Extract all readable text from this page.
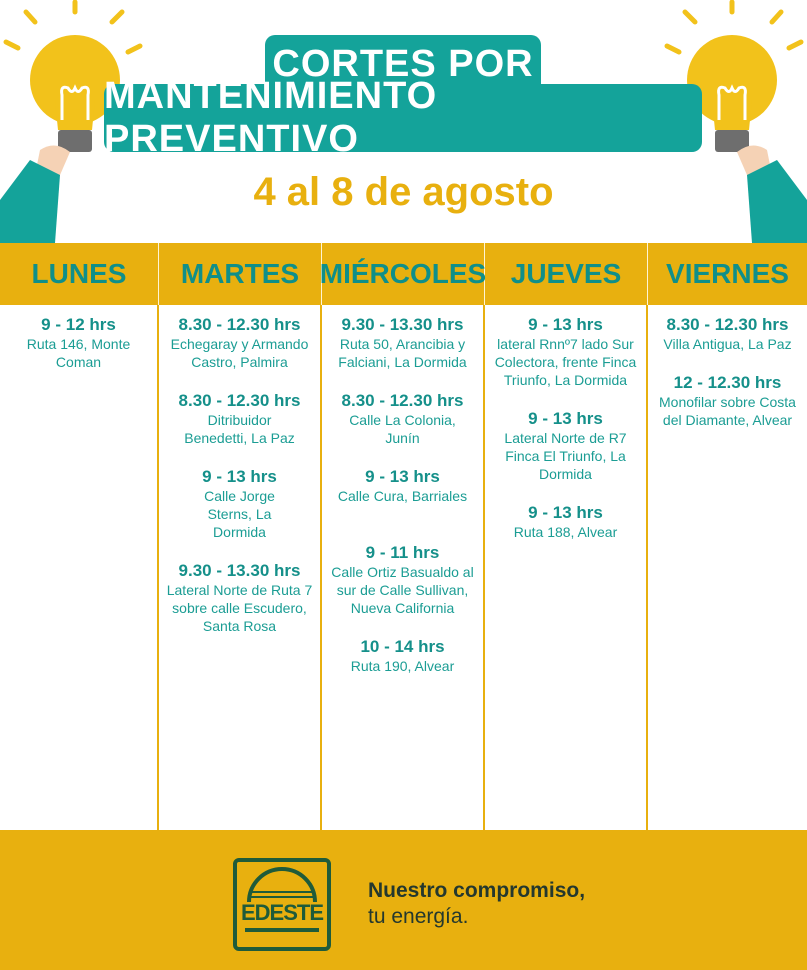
CORTES POR
MANTENIMIENTO PREVENTIVO
4 al 8 de agosto
LUNES	MARTES MIÉRCOLES JUEVES	VIERNES
9 - 12 hrs
Ruta 146, Monte Coman
8.30 - 12.30 hrs
Echegaray y Armando Castro, Palmira
8.30 - 12.30 hrs
Ditribuidor Benedetti, La Paz
9 - 13 hrs
Calle Jorge Sterns, La Dormida
9.30 - 13.30 hrs
Lateral Norte de Ruta 7 sobre calle Escudero, Santa Rosa
9.30 - 13.30 hrs
Ruta 50, Arancibia y Falciani, La Dormida
8.30 - 12.30 hrs
Calle La Colonia, Junín
9 - 13 hrs
Calle Cura, Barriales
9 - 11 hrs
Calle Ortiz Basualdo al sur de Calle Sullivan, Nueva California
10 - 14 hrs
Ruta 190, Alvear
9 - 13 hrs
lateral Rnnº7 lado Sur Colectora, frente Finca Triunfo, La Dormida
9 - 13 hrs
Lateral Norte de R7 Finca El Triunfo, La Dormida
9 - 13 hrs
Ruta 188, Alvear
8.30 - 12.30 hrs
Villa Antigua, La Paz
12 - 12.30 hrs
Monofilar sobre Costa del Diamante, Alvear
EDESTE
Nuestro compromiso,
tu energía.
